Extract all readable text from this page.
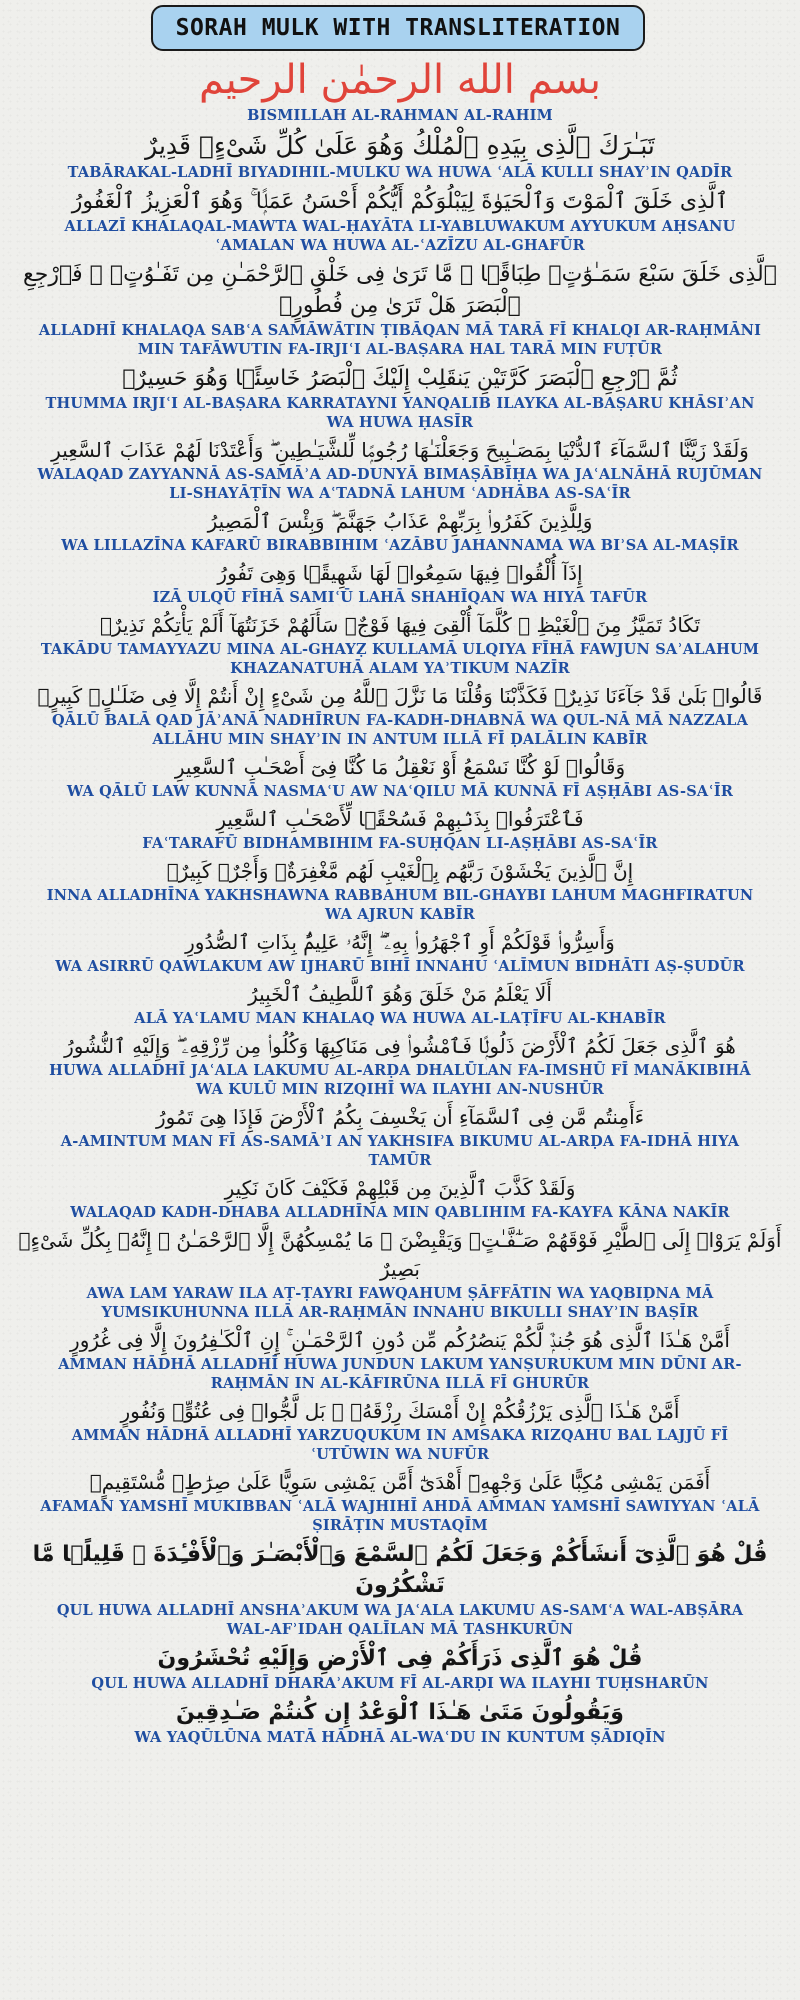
SORAH MULK WITH TRANSLITERATION
بسم الله الرحمٰن الرحيم
BISMILLAH AL-RAHMAN AL-RAHIM
تَبَـٰرَكَ ٱلَّذِى بِيَدِهِ ٱلْمُلْكُ وَهُوَ عَلَىٰ كُلِّ شَىْءٍۢ قَدِيرٌ
TABĀRAKAL-LADHĪ BIYADIHIL-MULKU WA HUWA ʿALĀ KULLI SHAYʾIN QADĪR
ٱلَّذِى خَلَقَ ٱلْمَوْتَ وَٱلْحَيَوٰةَ لِيَبْلُوَكُمْ أَيُّكُمْ أَحْسَنُ عَمَلًۭا ۚ وَهُوَ ٱلْعَزِيزُ ٱلْغَفُورُ
ALLAZĪ KHALAQAL-MAWTA WAL-ḤAYĀTA LI-YABLUWAKUM AYYUKUM AḤSANU ʿAMALAN WA HUWA AL-ʿAZĪZU AL-GHAFŪR
ٱلَّذِى خَلَقَ سَبْعَ سَمَـٰوَٰتٍۢ طِبَاقًۭا ۖ مَّا تَرَىٰ فِى خَلْقِ ٱلرَّحْمَـٰنِ مِن تَفَـٰوُتٍۢ ۖ فَٱرْجِعِ ٱلْبَصَرَ هَلْ تَرَىٰ مِن فُطُورٍۢ
ALLADHĪ KHALAQA SABʿA SAMĀWĀTIN ṬIBĀQAN MĀ TARĀ FĪ KHALQI AR-RAḤMĀNI MIN TAFĀWUTIN FA-IRJIʿI AL-BAṢARA HAL TARĀ MIN FUṬŪR
ثُمَّ ٱرْجِعِ ٱلْبَصَرَ كَرَّتَيْنِ يَنقَلِبْ إِلَيْكَ ٱلْبَصَرُ خَاسِئًۭا وَهُوَ حَسِيرٌۭ
THUMMA IRJIʿI AL-BAṢARA KARRATAYNI YANQALIB ILAYKA AL-BAṢARU KHĀSIʾAN WA HUWA ḤASĪR
وَلَقَدْ زَيَّنَّا ٱلسَّمَآءَ ٱلدُّنْيَا بِمَصَـٰبِيحَ وَجَعَلْنَـٰهَا رُجُومًۭا لِّلشَّيَـٰطِينِ ۖ وَأَعْتَدْنَا لَهُمْ عَذَابَ ٱلسَّعِيرِ
WALAQAD ZAYYANNĀ AS-SAMĀʾA AD-DUNYĀ BIMAṢĀBĪḤA WA JAʿALNĀHĀ RUJŪMAN LI-SHAYĀṬĪN WA AʿTADNĀ LAHUM ʿADHĀBA AS-SAʿĪR
وَلِلَّذِينَ كَفَرُوا۟ بِرَبِّهِمْ عَذَابُ جَهَنَّمَ ۖ وَبِئْسَ ٱلْمَصِيرُ
WA LILLAZĪNA KAFARŪ BIRABBIHIM ʿAZĀBU JAHANNAMA WA BIʾSA AL-MAṢĪR
إِذَآ أُلْقُوا۟ فِيهَا سَمِعُوا۟ لَهَا شَهِيقًۭا وَهِىَ تَفُورُ
IZĀ ULQŪ FĪHĀ SAMIʿŪ LAHĀ SHAHĪQAN WA HIYA TAFŪR
تَكَادُ تَمَيَّزُ مِنَ ٱلْغَيْظِ ۖ كُلَّمَآ أُلْقِىَ فِيهَا فَوْجٌۭ سَأَلَهُمْ خَزَنَتُهَآ أَلَمْ يَأْتِكُمْ نَذِيرٌۭ
TAKĀDU TAMAYYAZU MINA AL-GHAYẒ KULLAMĀ ULQIYA FĪHĀ FAWJUN SAʾALAHUM KHAZANATUHĀ ALAM YAʾTIKUM NAZĪR
قَالُوا۟ بَلَىٰ قَدْ جَآءَنَا نَذِيرٌۭ فَكَذَّبْنَا وَقُلْنَا مَا نَزَّلَ ٱللَّهُ مِن شَىْءٍ إِنْ أَنتُمْ إِلَّا فِى ضَلَـٰلٍۢ كَبِيرٍۢ
QĀLŪ BALĀ QAD JĀʾANĀ NADHĪRUN FA-KADH-DHABNĀ WA QUL-NĀ MĀ NAZZALA ALLĀHU MIN SHAYʾIN IN ANTUM ILLĀ FĪ ḌALĀLIN KABĪR
وَقَالُوا۟ لَوْ كُنَّا نَسْمَعُ أَوْ نَعْقِلُ مَا كُنَّا فِىٓ أَصْحَـٰبِ ٱلسَّعِيرِ
WA QĀLŪ LAW KUNNĀ NASMAʿU AW NAʿQILU MĀ KUNNĀ FĪ AṢḤĀBI AS-SAʿĪR
فَٱعْتَرَفُوا۟ بِذَنۢبِهِمْ فَسُحْقًۭا لِّأَصْحَـٰبِ ٱلسَّعِيرِ
FAʿTARAFŪ BIDHAMBIHIM FA-SUḤQAN LI-AṢḤĀBI AS-SAʿĪR
إِنَّ ٱلَّذِينَ يَخْشَوْنَ رَبَّهُم بِٱلْغَيْبِ لَهُم مَّغْفِرَةٌۭ وَأَجْرٌۭ كَبِيرٌۭ
INNA ALLADHĪNA YAKHSHAWNA RABBAHUM BIL-GHAYBI LAHUM MAGHFIRATUN WA AJRUN KABĪR
وَأَسِرُّوا۟ قَوْلَكُمْ أَوِ ٱجْهَرُوا۟ بِهِۦٓ ۖ إِنَّهُۥ عَلِيمٌۢ بِذَاتِ ٱلصُّدُورِ
WA ASIRRŪ QAWLAKUM AW IJHARŪ BIHĪ INNAHU ʿALĪMUN BIDHĀTI AṢ-ṢUDŪR
أَلَا يَعْلَمُ مَنْ خَلَقَ وَهُوَ ٱللَّطِيفُ ٱلْخَبِيرُ
ALĀ YAʿLAMU MAN KHALAQ WA HUWA AL-LAṬĪFU AL-KHABĪR
هُوَ ٱلَّذِى جَعَلَ لَكُمُ ٱلْأَرْضَ ذَلُولًۭا فَٱمْشُوا۟ فِى مَنَاكِبِهَا وَكُلُوا۟ مِن رِّزْقِهِۦ ۖ وَإِلَيْهِ ٱلنُّشُورُ
HUWA ALLADHĪ JAʿALA LAKUMU AL-ARḌA DHALŪLAN FA-IMSHŪ FĪ MANĀKIBIHĀ WA KULŪ MIN RIZQIHĪ WA ILAYHI AN-NUSHŪR
ءَأَمِنتُم مَّن فِى ٱلسَّمَآءِ أَن يَخْسِفَ بِكُمُ ٱلْأَرْضَ فَإِذَا هِىَ تَمُورُ
A-AMINTUM MAN FĪ AS-SAMĀʾI AN YAKHSIFA BIKUMU AL-ARḌA FA-IDHĀ HIYA TAMŪR
وَلَقَدْ كَذَّبَ ٱلَّذِينَ مِن قَبْلِهِمْ فَكَيْفَ كَانَ نَكِيرِ
WALAQAD KADH-DHABA ALLADHĪNA MIN QABLIHIM FA-KAYFA KĀNA NAKĪR
أَوَلَمْ يَرَوْا۟ إِلَى ٱلطَّيْرِ فَوْقَهُمْ صَـٰٓفَّـٰتٍۢ وَيَقْبِضْنَ ۚ مَا يُمْسِكُهُنَّ إِلَّا ٱلرَّحْمَـٰنُ ۚ إِنَّهُۥ بِكُلِّ شَىْءٍۭ بَصِيرٌ
AWA LAM YARAW ILA AṬ-ṬAYRI FAWQAHUM ṢĀFFĀTIN WA YAQBIḌNA MĀ YUMSIKUHUNNA ILLĀ AR-RAḤMĀN INNAHU BIKULLI SHAYʾIN BAṢĪR
أَمَّنْ هَـٰذَا ٱلَّذِى هُوَ جُندٌۭ لَّكُمْ يَنصُرُكُم مِّن دُونِ ٱلرَّحْمَـٰنِ ۚ إِنِ ٱلْكَـٰفِرُونَ إِلَّا فِى غُرُورٍ
AMMAN HĀDHĀ ALLADHĪ HUWA JUNDUN LAKUM YANṢURUKUM MIN DŪNI AR-RAḤMĀN IN AL-KĀFIRŪNA ILLĀ FĪ GHURŪR
أَمَّنْ هَـٰذَا ٱلَّذِى يَرْزُقُكُمْ إِنْ أَمْسَكَ رِزْقَهُۥ ۚ بَل لَّجُّوا۟ فِى عُتُوٍّۢ وَنُفُورٍ
AMMAN HĀDHĀ ALLADHĪ YARZUQUKUM IN AMSAKA RIZQAHU BAL LAJJŪ FĪ ʿUTŪWIN WA NUFŪR
أَفَمَن يَمْشِى مُكِبًّا عَلَىٰ وَجْهِهِۦٓ أَهْدَىٰٓ أَمَّن يَمْشِى سَوِيًّا عَلَىٰ صِرَٰطٍۢ مُّسْتَقِيمٍۢ
AFAMAN YAMSHĪ MUKIBBAN ʿALĀ WAJHIHĪ AHDĀ AMMAN YAMSHĪ SAWIYYAN ʿALĀ ṢIRĀṬIN MUSTAQĪM
قُلْ هُوَ ٱلَّذِىٓ أَنشَأَكُمْ وَجَعَلَ لَكُمُ ٱلسَّمْعَ وَٱلْأَبْصَـٰرَ وَٱلْأَفْـِٔدَةَ ۖ قَلِيلًۭا مَّا تَشْكُرُونَ
QUL HUWA ALLADHĪ ANSHAʾAKUM WA JAʿALA LAKUMU AS-SAMʿA WAL-ABṢĀRA WAL-AFʾIDAH QALĪLAN MĀ TASHKURŪN
قُلْ هُوَ ٱلَّذِى ذَرَأَكُمْ فِى ٱلْأَرْضِ وَإِلَيْهِ تُحْشَرُونَ
QUL HUWA ALLADHĪ DHARAʾAKUM FĪ AL-ARḌI WA ILAYHI TUḤSHARŪN
وَيَقُولُونَ مَتَىٰ هَـٰذَا ٱلْوَعْدُ إِن كُنتُمْ صَـٰدِقِينَ
WA YAQŪLŪNA MATĀ HĀDHĀ AL-WAʿDU IN KUNTUM ṢĀDIQĪN
